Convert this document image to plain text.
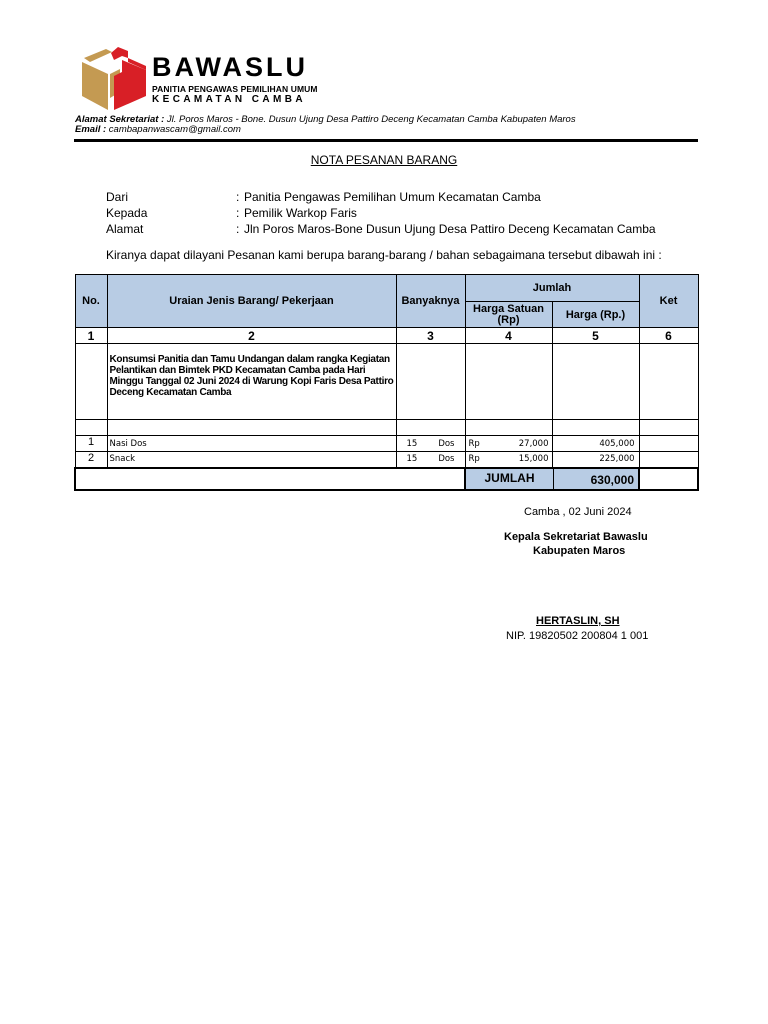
BAWASLU
PANITIA PENGAWAS PEMILIHAN UMUM
KECAMATAN CAMBA
Alamat Sekretariat : Jl. Poros Maros - Bone. Dusun Ujung Desa Pattiro Deceng Kecamatan Camba Kabupaten Maros
Email : cambapanwascam@gmail.com
NOTA PESANAN BARANG
Dari	: Panitia Pengawas Pemilihan Umum Kecamatan Camba
Kepada	: Pemilik Warkop Faris
Alamat	: Jln Poros Maros-Bone Dusun Ujung Desa Pattiro Deceng Kecamatan Camba
Kiranya dapat dilayani Pesanan kami berupa barang-barang / bahan sebagaimana tersebut dibawah ini :
No.	Uraian Jenis Barang/ Pekerjaan	Banyaknya	Jumlah		Ket
			Harga Satuan (Rp)	Harga (Rp.)	
1	2	3	4	5	6
	Konsumsi Panitia dan Tamu Undangan dalam rangka Kegiatan Pelantikan dan Bimtek PKD Kecamatan Camba pada Hari Minggu Tanggal 02 Juni 2024 di Warung Kopi Faris Desa Pattiro Deceng Kecamatan Camba				

1	Nasi Dos	15 Dos	Rp 27,000	405,000	
2	Snack	15 Dos	Rp 15,000	225,000	

			JUMLAH 630,000		

Camba , 02 Juni 2024
Kepala Sekretariat Bawaslu
Kabupaten Maros
HERTASLIN, SH
NIP. 19820502 200804 1 001
